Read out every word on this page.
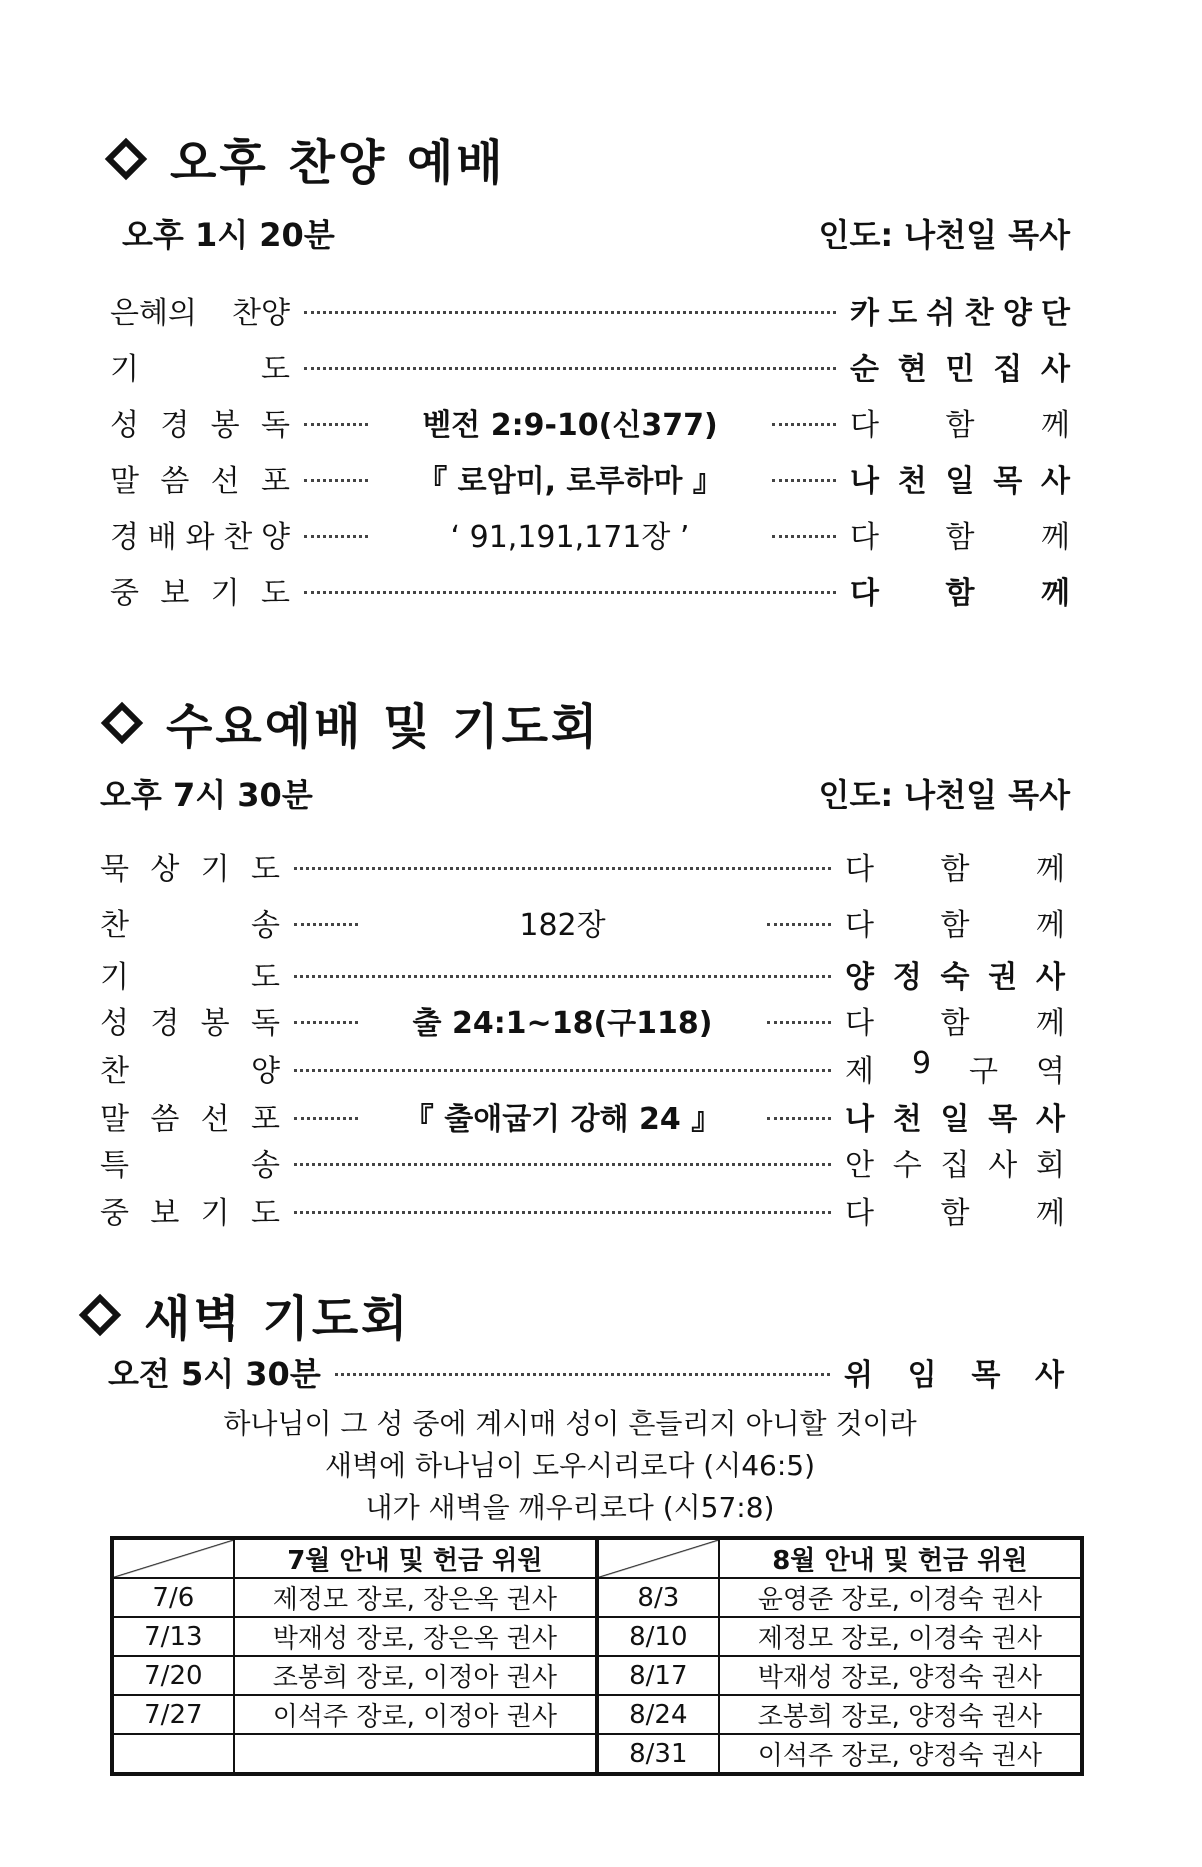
오후 찬양 예배
오후 1시 20분	인도: 나천일 목사
은혜의 찬양	카 도 쉬 찬 양 단
기	도	순 현 민 집 사
성 경 봉 독	벧전 2:9-10(신377)	다 함 께
말 씀 선 포	『 로암미, 로루하마 』	나 천 일 목 사
경 배 와 찬 양	‘ 91,191,171장 ’	다 함 께
중 보 기 도	다 함 께
수요예배 및 기도회
오후 7시 30분	인도: 나천일 목사
묵 상 기 도	다 함 께
찬	송	182장	다 함 께
기	도	양 정 숙 권 사
성 경 봉 독	출 24:1~18(구118)	다 함 께
찬	양	제 9 구 역
말 씀 선 포	『 출애굽기 강해 24 』	나 천 일 목 사
특	송	안 수 집 사 회
중 보 기 도	다 함 께
새벽 기도회
오전 5시 30분	위 임 목 사
하나님이 그 성 중에 계시매 성이 흔들리지 아니할 것이라
새벽에 하나님이 도우시리로다 (시46:5)
내가 새벽을 깨우리로다 (시57:8)
	7월 안내 및 헌금 위원		8월 안내 및 헌금 위원
7/6	제정모 장로, 장은옥 권사	8/3	윤영준 장로, 이경숙 권사
7/13	박재성 장로, 장은옥 권사	8/10	제정모 장로, 이경숙 권사
7/20	조봉희 장로, 이정아 권사	8/17	박재성 장로, 양정숙 권사
7/27	이석주 장로, 이정아 권사	8/24	조봉희 장로, 양정숙 권사
		8/31	이석주 장로, 양정숙 권사
